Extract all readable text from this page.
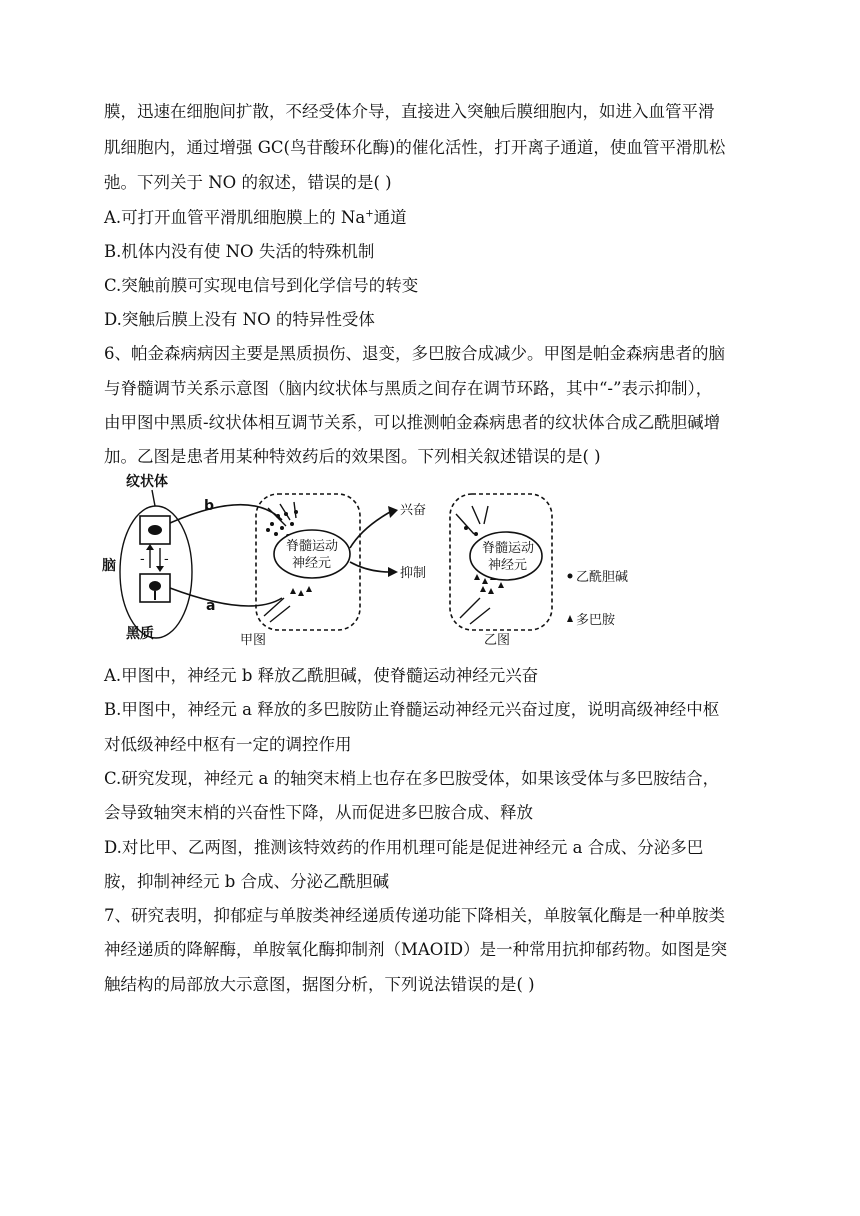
膜，迅速在细胞间扩散，不经受体介导，直接进入突触后膜细胞内，如进入血管平滑
肌细胞内，通过增强 GC(鸟苷酸环化酶)的催化活性，打开离子通道，使血管平滑肌松
弛。下列关于 NO 的叙述，错误的是( )
A.可打开血管平滑肌细胞膜上的 Na+通道
B.机体内没有使 NO 失活的特殊机制
C.突触前膜可实现电信号到化学信号的转变
D.突触后膜上没有 NO 的特异性受体
6、帕金森病病因主要是黑质损伤、退变，多巴胺合成减少。甲图是帕金森病患者的脑
与脊髓调节关系示意图（脑内纹状体与黑质之间存在调节环路，其中“-”表示抑制），
由甲图中黑质-纹状体相互调节关系，可以推测帕金森病患者的纹状体合成乙酰胆碱增
加。乙图是患者用某种特效药后的效果图。下列相关叙述错误的是( )
纹状体
脑 - -
黑质
b
a
脊髓运动
神经元
兴奋
抑制
甲图
脊髓运动
神经元
乙图
乙酰胆碱
多巴胺
A.甲图中，神经元 b 释放乙酰胆碱，使脊髓运动神经元兴奋
B.甲图中，神经元 a 释放的多巴胺防止脊髓运动神经元兴奋过度，说明高级神经中枢
对低级神经中枢有一定的调控作用
C.研究发现，神经元 a 的轴突末梢上也存在多巴胺受体，如果该受体与多巴胺结合，
会导致轴突末梢的兴奋性下降，从而促进多巴胺合成、释放
D.对比甲、乙两图，推测该特效药的作用机理可能是促进神经元 a 合成、分泌多巴
胺，抑制神经元 b 合成、分泌乙酰胆碱
7、研究表明，抑郁症与单胺类神经递质传递功能下降相关，单胺氧化酶是一种单胺类
神经递质的降解酶，单胺氧化酶抑制剂（MAOID）是一种常用抗抑郁药物。如图是突
触结构的局部放大示意图，据图分析，下列说法错误的是( )
